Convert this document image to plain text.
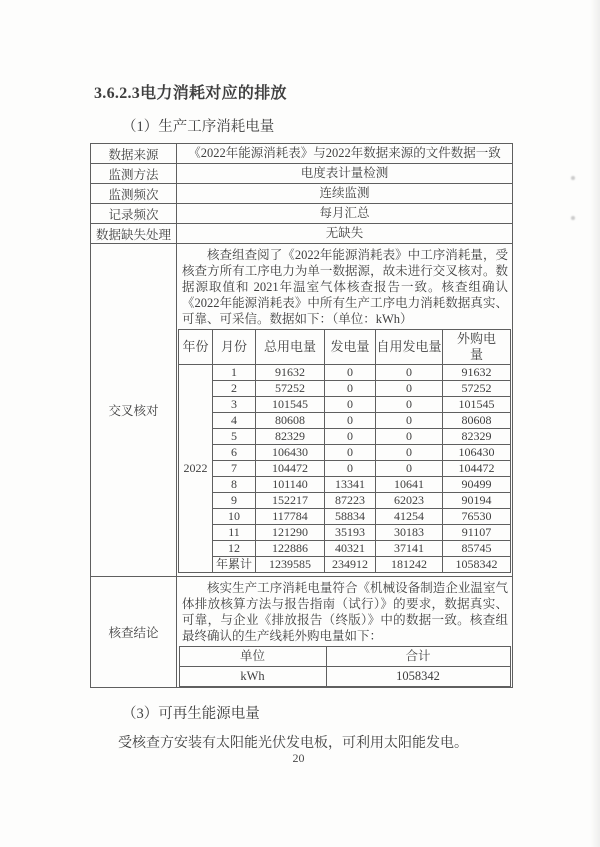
3.6.2.3电力消耗对应的排放
（1）生产工序消耗电量
数据来源	《2022年能源消耗表》与2022年数据来源的文件数据一致
监测方法	电度表计量检测
监测频次	连续监测
记录频次	每月汇总
数据缺失处理	无缺失
交叉核对	
核查组查阅了《2022年能源消耗表》中工序消耗量，受核查方所有工序电力为单一数据源，故未进行交叉核对。数据源取值和 2021年温室气体核查报告一致。核查组确认《2022年能源消耗表》中所有生产工序电力消耗数据真实、可靠、可采信。数据如下：（单位：kWh）
年份	月份	总用电量	发电量	自用发电量	外购电量
2022	1	91632	0	0	91632
2	57252	0	0	57252
3	101545	0	0	101545
4	80608	0	0	80608
5	82329	0	0	82329
6	106430	0	0	106430
7	104472	0	0	104472
8	101140	13341	10641	90499
9	152217	87223	62023	90194
10	117784	58834	41254	76530
11	121290	35193	30183	91107
12	122886	40321	37141	85745
年累计	1239585	234912	181242	1058342

核查结论	
核实生产工序消耗电量符合《机械设备制造企业温室气体排放核算方法与报告指南（试行）》的要求，数据真实、可靠，与企业《排放报告（终版）》中的数据一致。核查组最终确认的生产线耗外购电量如下：
单位	合计
kWh	1058342
（3）可再生能源电量
受核查方安装有太阳能光伏发电板，可利用太阳能发电。
20
